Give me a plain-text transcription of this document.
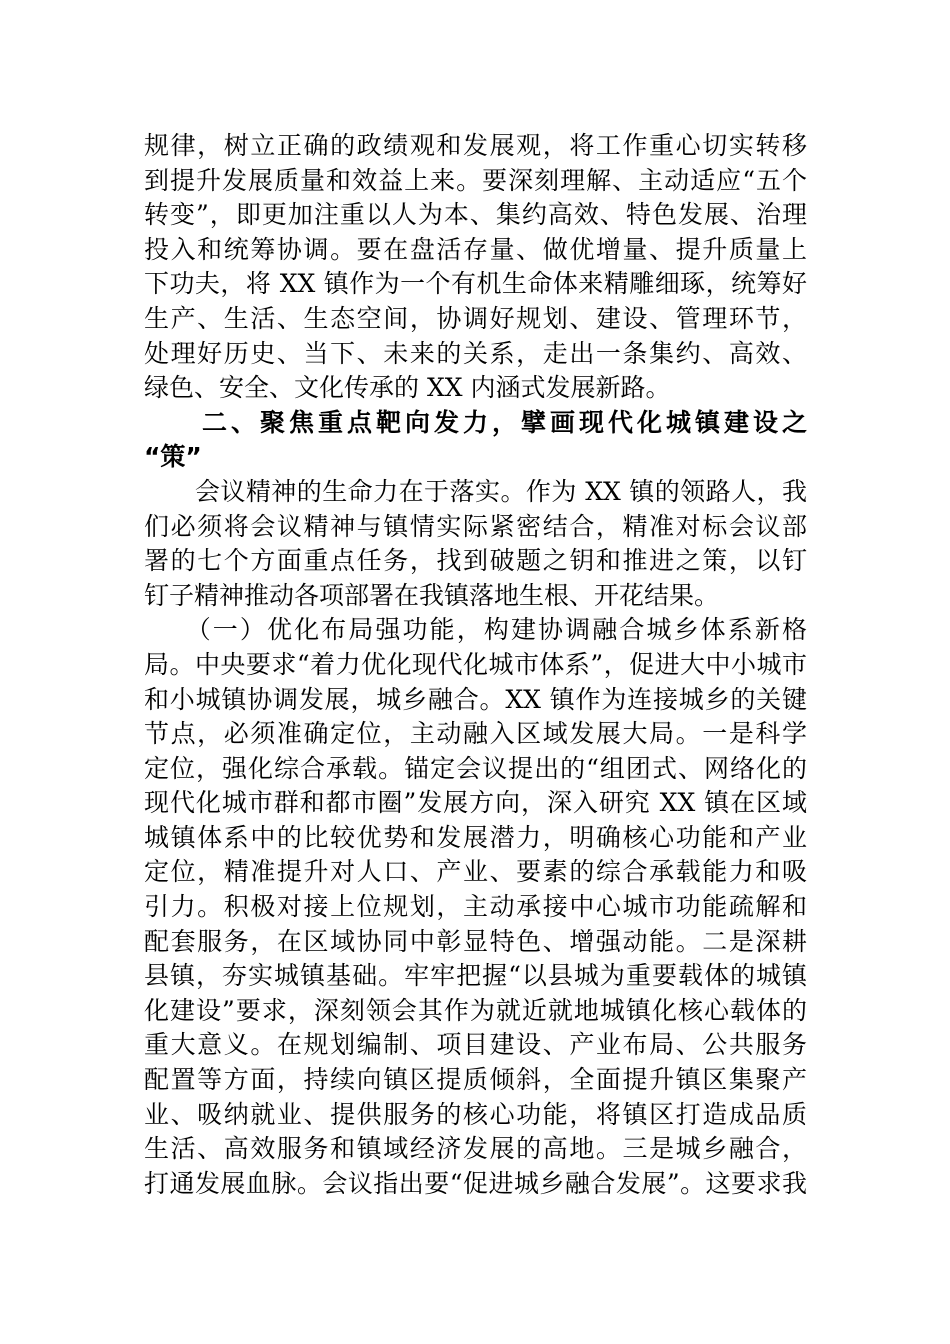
规律，树立正确的政绩观和发展观，将工作重心切实转移
到提升发展质量和效益上来。要深刻理解、主动适应“五个
转变”，即更加注重以人为本、集约高效、特色发展、治理
投入和统筹协调。要在盘活存量、做优增量、提升质量上
下功夫，将 XX 镇作为一个有机生命体来精雕细琢，统筹好
生产、生活、生态空间，协调好规划、建设、管理环节，
处理好历史、当下、未来的关系，走出一条集约、高效、
绿色、安全、文化传承的 XX 内涵式发展新路。
　　二、聚焦重点靶向发力，擘画现代化城镇建设之
“策”
　　会议精神的生命力在于落实。作为 XX 镇的领路人，我
们必须将会议精神与镇情实际紧密结合，精准对标会议部
署的七个方面重点任务，找到破题之钥和推进之策，以钉
钉子精神推动各项部署在我镇落地生根、开花结果。
　　（一）优化布局强功能，构建协调融合城乡体系新格
局。中央要求“着力优化现代化城市体系”，促进大中小城市
和小城镇协调发展，城乡融合。XX 镇作为连接城乡的关键
节点，必须准确定位，主动融入区域发展大局。一是科学
定位，强化综合承载。锚定会议提出的“组团式、网络化的
现代化城市群和都市圈”发展方向，深入研究 XX 镇在区域
城镇体系中的比较优势和发展潜力，明确核心功能和产业
定位，精准提升对人口、产业、要素的综合承载能力和吸
引力。积极对接上位规划，主动承接中心城市功能疏解和
配套服务，在区域协同中彰显特色、增强动能。二是深耕
县镇，夯实城镇基础。牢牢把握“以县城为重要载体的城镇
化建设”要求，深刻领会其作为就近就地城镇化核心载体的
重大意义。在规划编制、项目建设、产业布局、公共服务
配置等方面，持续向镇区提质倾斜，全面提升镇区集聚产
业、吸纳就业、提供服务的核心功能，将镇区打造成品质
生活、高效服务和镇域经济发展的高地。三是城乡融合，
打通发展血脉。会议指出要“促进城乡融合发展”。这要求我
